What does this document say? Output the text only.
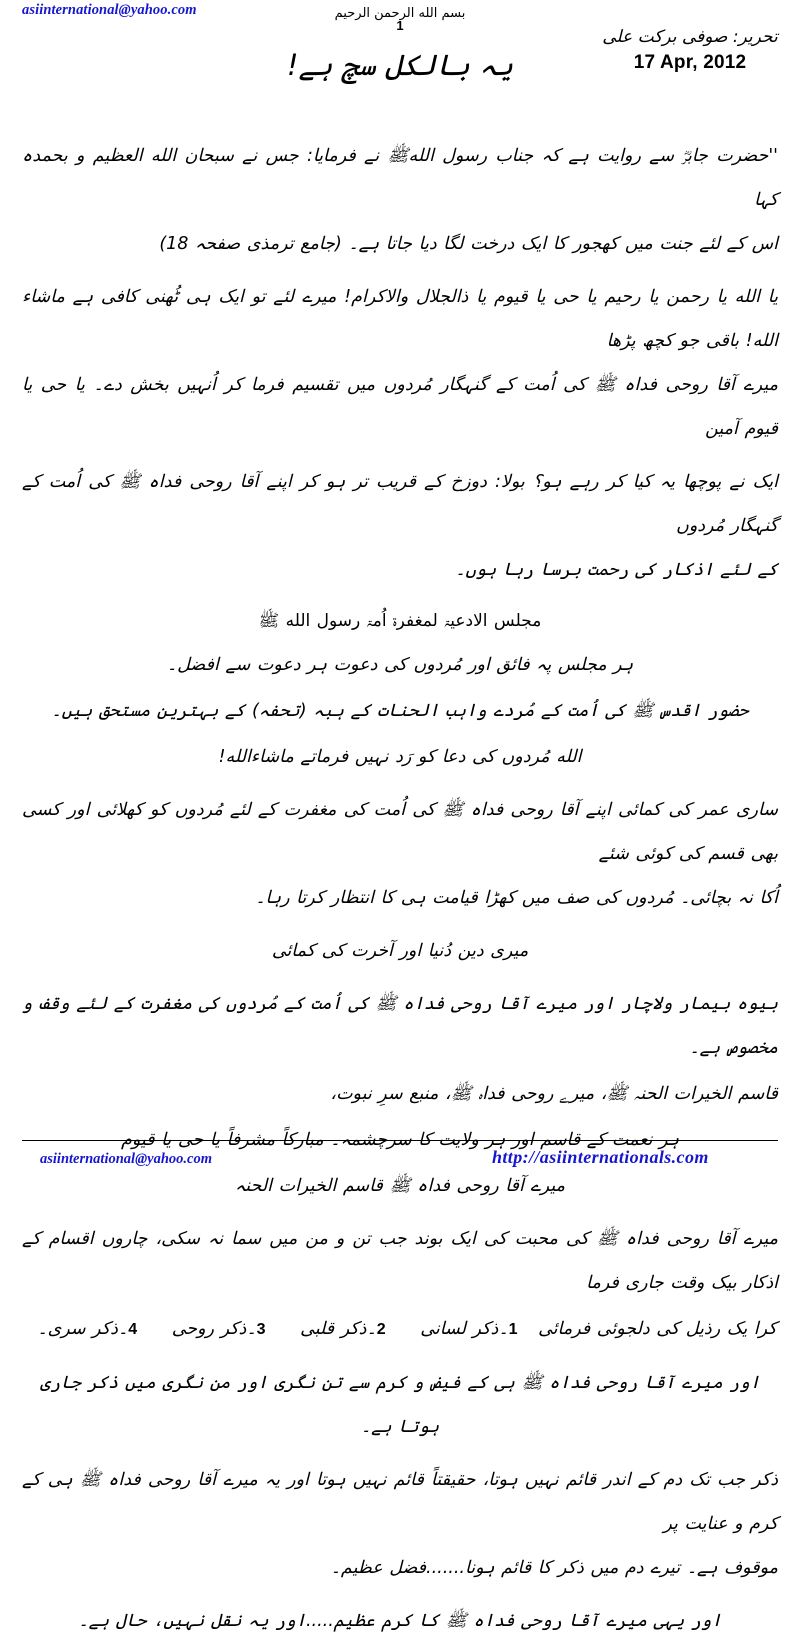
asiinternational@yahoo.com	بسم الله الرحمن الرحیم
1
تحریر: صوفی برکت علی
17 Apr, 2012
یہ بالکل سچ ہے!

''حضرت جابرؓ سے روایت ہے کہ جناب رسول اللهﷺ نے فرمایا: جس نے سبحان الله العظیم و بحمدہ کہا
اس کے لئے جنت میں کھجور کا ایک درخت لگا دیا جاتا ہے۔ (جامع ترمذی صفحہ 18)

یا الله یا رحمن یا رحیم یا حی یا قیوم یا ذالجلال والاکرام! میرے لئے تو ایک ہی ٹُھنی کافی ہے ماشاء الله! باقی جو کچھ پڑھا
میرے آقا روحی فداہ ﷺ کی اُمت کے گنہگار مُردوں میں تقسیم فرما کر اُنہیں بخش دے۔ یا حی یا قیوم آمین

ایک نے پوچھا یہ کیا کر رہے ہو؟ بولا: دوزخ کے قریب تر ہو کر اپنے آقا روحی فداہ ﷺ کی اُمت کے گنہگار مُردوں
کے لئے اذکار کی رحمت برسا رہا ہوں۔

مجلس الادعیۃ لمغفرۃ اُمۃ رسول الله ﷺ

ہر مجلس پہ فائق اور مُردوں کی دعوت ہر دعوت سے افضل۔

حضور اقدس ﷺ کی اُمت کے مُردے واہب الحنات کے ہبہ (تحفہ) کے بہترین مستحق ہیں۔

الله مُردوں کی دعا کو رَد نہیں فرماتے ماشاءالله!

ساری عمر کی کمائی اپنے آقا روحی فداہ ﷺ کی اُمت کی مغفرت کے لئے مُردوں کو کھلائی اور کسی بھی قسم کی کوئی شئے
اُکا نہ بچائی۔ مُردوں کی صف میں کھڑا قیامت ہی کا انتظار کرتا رہا۔

میری دین دُنیا اور آخرت کی کمائی

بیوہ بیمار ولاچار اور میرے آقا روحی فداہ ﷺ کی اُمت کے مُردوں کی مغفرت کے لئے وقف و مخصوص ہے۔

قاسم الخیرات الحنہ ﷺ، میرے روحی فداہ ﷺ، منبع سرِ نبوت،

ہر نعمت کے قاسم اور ہر ولایت کا سرچشمہ۔ مبارکاً مشرفاً یا حی یا قیوم

میرے آقا روحی فداہ ﷺ قاسم الخیرات الحنہ

میرے آقا روحی فداہ ﷺ کی محبت کی ایک بوند جب تن و من میں سما نہ سکی، چاروں اقسام کے اذکار بیک وقت جاری فرما

کرا یک رذیل کی دلجوئی فرمائی 1۔ذکر لسانی 2۔ذکر قلبی 3۔ذکر روحی 4۔ذکر سری۔

اور میرے آقا روحی فداہ ﷺ ہی کے فیض و کرم سے تن نگری اور من نگری میں ذکر جاری ہوتا ہے۔

ذکر جب تک دم کے اندر قائم نہیں ہوتا، حقیقتاً قائم نہیں ہوتا اور یہ میرے آقا روحی فداہ ﷺ ہی کے کرم و عنایت پر
موقوف ہے۔ تیرے دم میں ذکر کا قائم ہونا.......فضل عظیم۔

اور یہی میرے آقا روحی فداہ ﷺ کا کرم عظیم.....اور یہ نقل نہیں، حال ہے۔

asiinternational@yahoo.com	http://asiinternationals.com
